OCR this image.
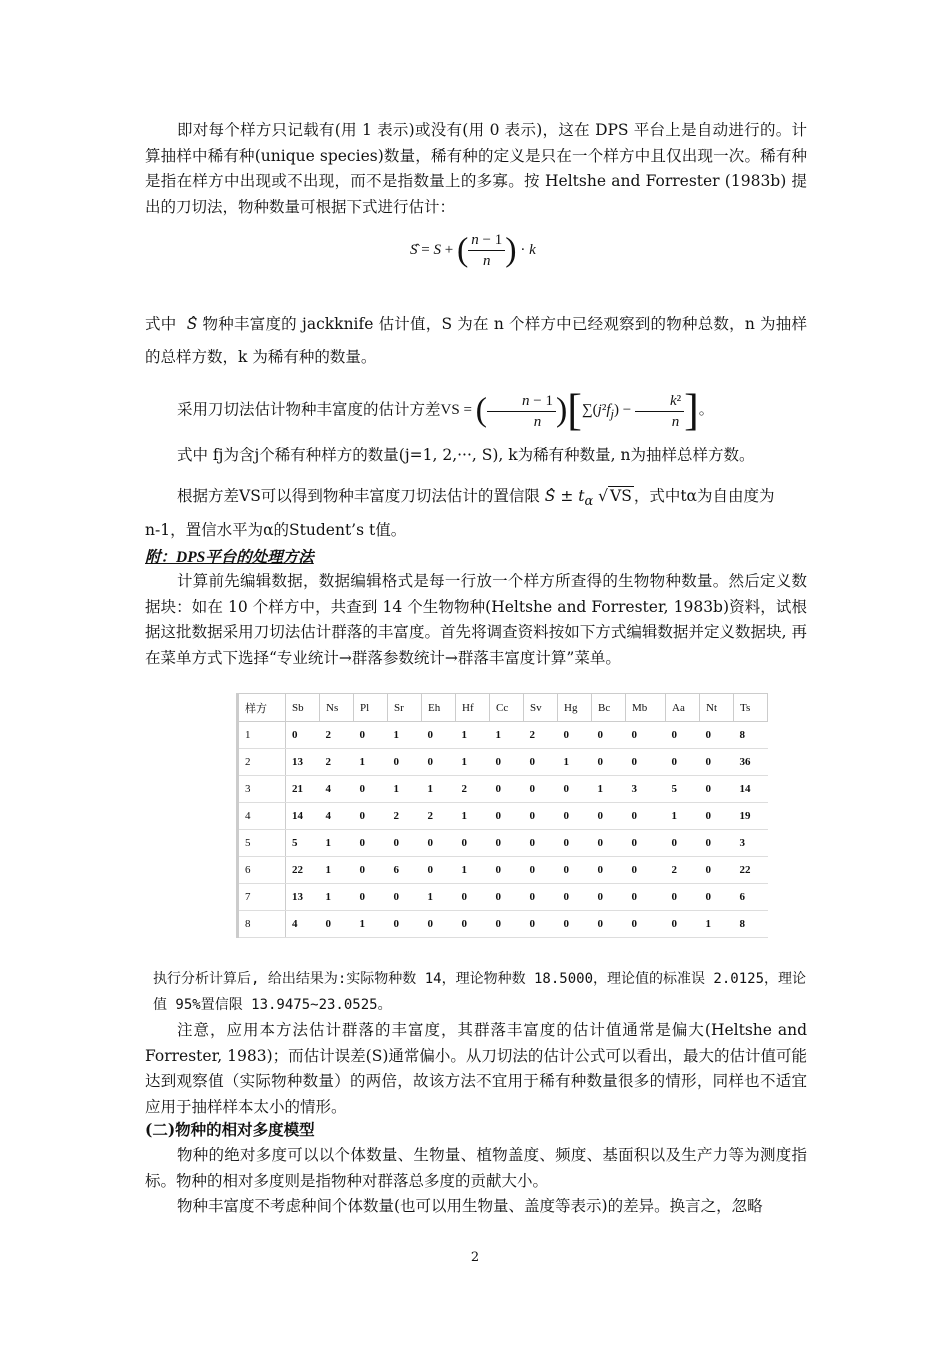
即对每个样方只记载有(用 1 表示)或没有(用 0 表示)，这在 DPS 平台上是自动进行的。计算抽样中稀有种(unique species)数量，稀有种的定义是只在一个样方中且仅出现一次。稀有种是指在样方中出现或不出现，而不是指数量上的多寡。按 Heltshe and Forrester (1983b) 提出的刀切法，物种数量可根据下式进行估计：

Ŝ = S + ( $\frac{n - 1}{n}$ ) · k

式中 Ŝ 物种丰富度的 jackknife 估计值，S 为在 n 个样方中已经观察到的物种总数，n 为抽样的总样方数，k 为稀有种的数量。

采用刀切法估计物种丰富度的估计方差VS = ( $\frac{n - 1}{n} )[\sum(j^2f_j) - \frac{\text{k²}}{n}$ ]。

式中 fj为含j个稀有种样方的数量(j=1, 2,···, S), k为稀有种数量, n为抽样总样方数。

根据方差VS可以得到物种丰富度刀切法估计的置信限 Ŝ ± $t_\alpha$ √ VS ，式中tα为自由度为

n-1，置信水平为α的Student’s t值。

附：DPS平台的处理方法

计算前先编辑数据，数据编辑格式是每一行放一个样方所查得的生物物种数量。然后定义数据块：如在 10 个样方中，共查到 14 个生物物种(Heltshe and Forrester, 1983b)资料，试根据这批数据采用刀切法估计群落的丰富度。首先将调查资料按如下方式编辑数据并定义数据块, 再在菜单方式下选择“专业统计→群落参数统计→群落丰富度计算”菜单。

样方	Sb	Ns	Pl	Sr	Eh	Hf	Cc	Sv	Hg	Bc	Mb	Aa	Nt	Ts
1	0	2	0	1	0	1	1	2	0	0	0	0	0	8
2	13	2	1	0	0	1	0	0	1	0	0	0	0	36
3	21	4	0	1	1	2	0	0	0	1	3	5	0	14
4	14	4	0	2	2	1	0	0	0	0	0	1	0	19
5	5	1	0	0	0	0	0	0	0	0	0	0	0	3
6	22	1	0	6	0	1	0	0	0	0	0	2	0	22
7	13	1	0	0	1	0	0	0	0	0	0	0	0	6
8	4	0	1	0	0	0	0	0	0	0	0	0	1	8
执行分析计算后, 给出结果为:实际物种数 14，理论物种数 18.5000，理论值的标准误 2.0125，理论值 95%置信限 13.9475~23.0525。

注意，应用本方法估计群落的丰富度，其群落丰富度的估计值通常是偏大(Heltshe and Forrester, 1983)；而估计误差(S)通常偏小。从刀切法的估计公式可以看出，最大的估计值可能达到观察值（实际物种数量）的两倍，故该方法不宜用于稀有种数量很多的情形，同样也不适宜应用于抽样样本太小的情形。

(二)物种的相对多度模型

物种的绝对多度可以以个体数量、生物量、植物盖度、频度、基面积以及生产力等为测度指标。物种的相对多度则是指物种对群落总多度的贡献大小。

物种丰富度不考虑种间个体数量(也可以用生物量、盖度等表示)的差异。换言之，忽略

2
